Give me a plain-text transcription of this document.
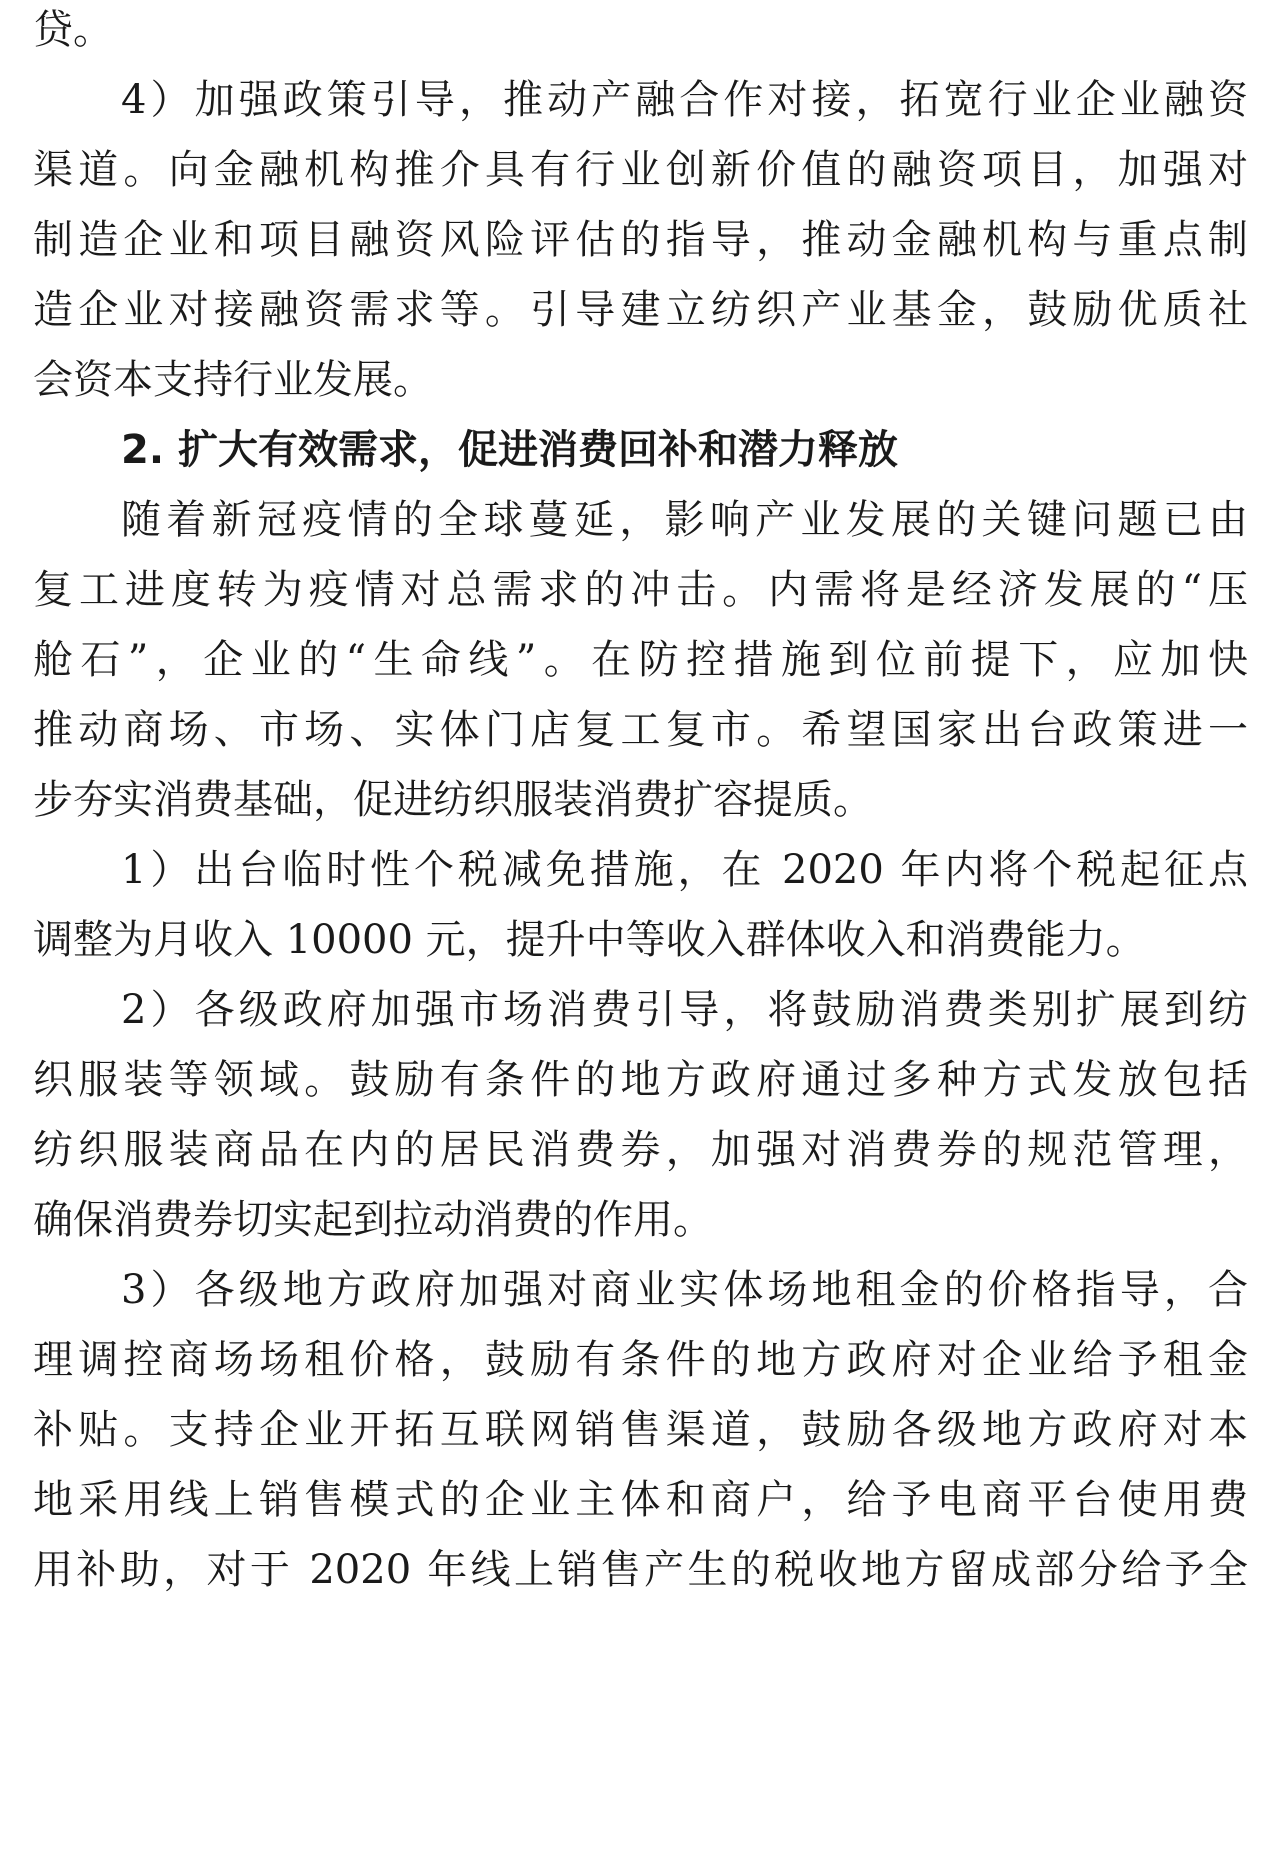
贷。
4）加强政策引导，推动产融合作对接，拓宽行业企业融资
渠道。向金融机构推介具有行业创新价值的融资项目，加强对
制造企业和项目融资风险评估的指导，推动金融机构与重点制
造企业对接融资需求等。引导建立纺织产业基金，鼓励优质社
会资本支持行业发展。
2. 扩大有效需求，促进消费回补和潜力释放
随着新冠疫情的全球蔓延，影响产业发展的关键问题已由
复工进度转为疫情对总需求的冲击。内需将是经济发展的“压
舱石”，企业的“生命线”。在防控措施到位前提下，应加快
推动商场、市场、实体门店复工复市。希望国家出台政策进一
步夯实消费基础，促进纺织服装消费扩容提质。
1）出台临时性个税减免措施，在 2020 年内将个税起征点
调整为月收入 10000 元，提升中等收入群体收入和消费能力。
2）各级政府加强市场消费引导，将鼓励消费类别扩展到纺
织服装等领域。鼓励有条件的地方政府通过多种方式发放包括
纺织服装商品在内的居民消费券，加强对消费券的规范管理，
确保消费券切实起到拉动消费的作用。
3）各级地方政府加强对商业实体场地租金的价格指导，合
理调控商场场租价格，鼓励有条件的地方政府对企业给予租金
补贴。支持企业开拓互联网销售渠道，鼓励各级地方政府对本
地采用线上销售模式的企业主体和商户，给予电商平台使用费
用补助，对于 2020 年线上销售产生的税收地方留成部分给予全
